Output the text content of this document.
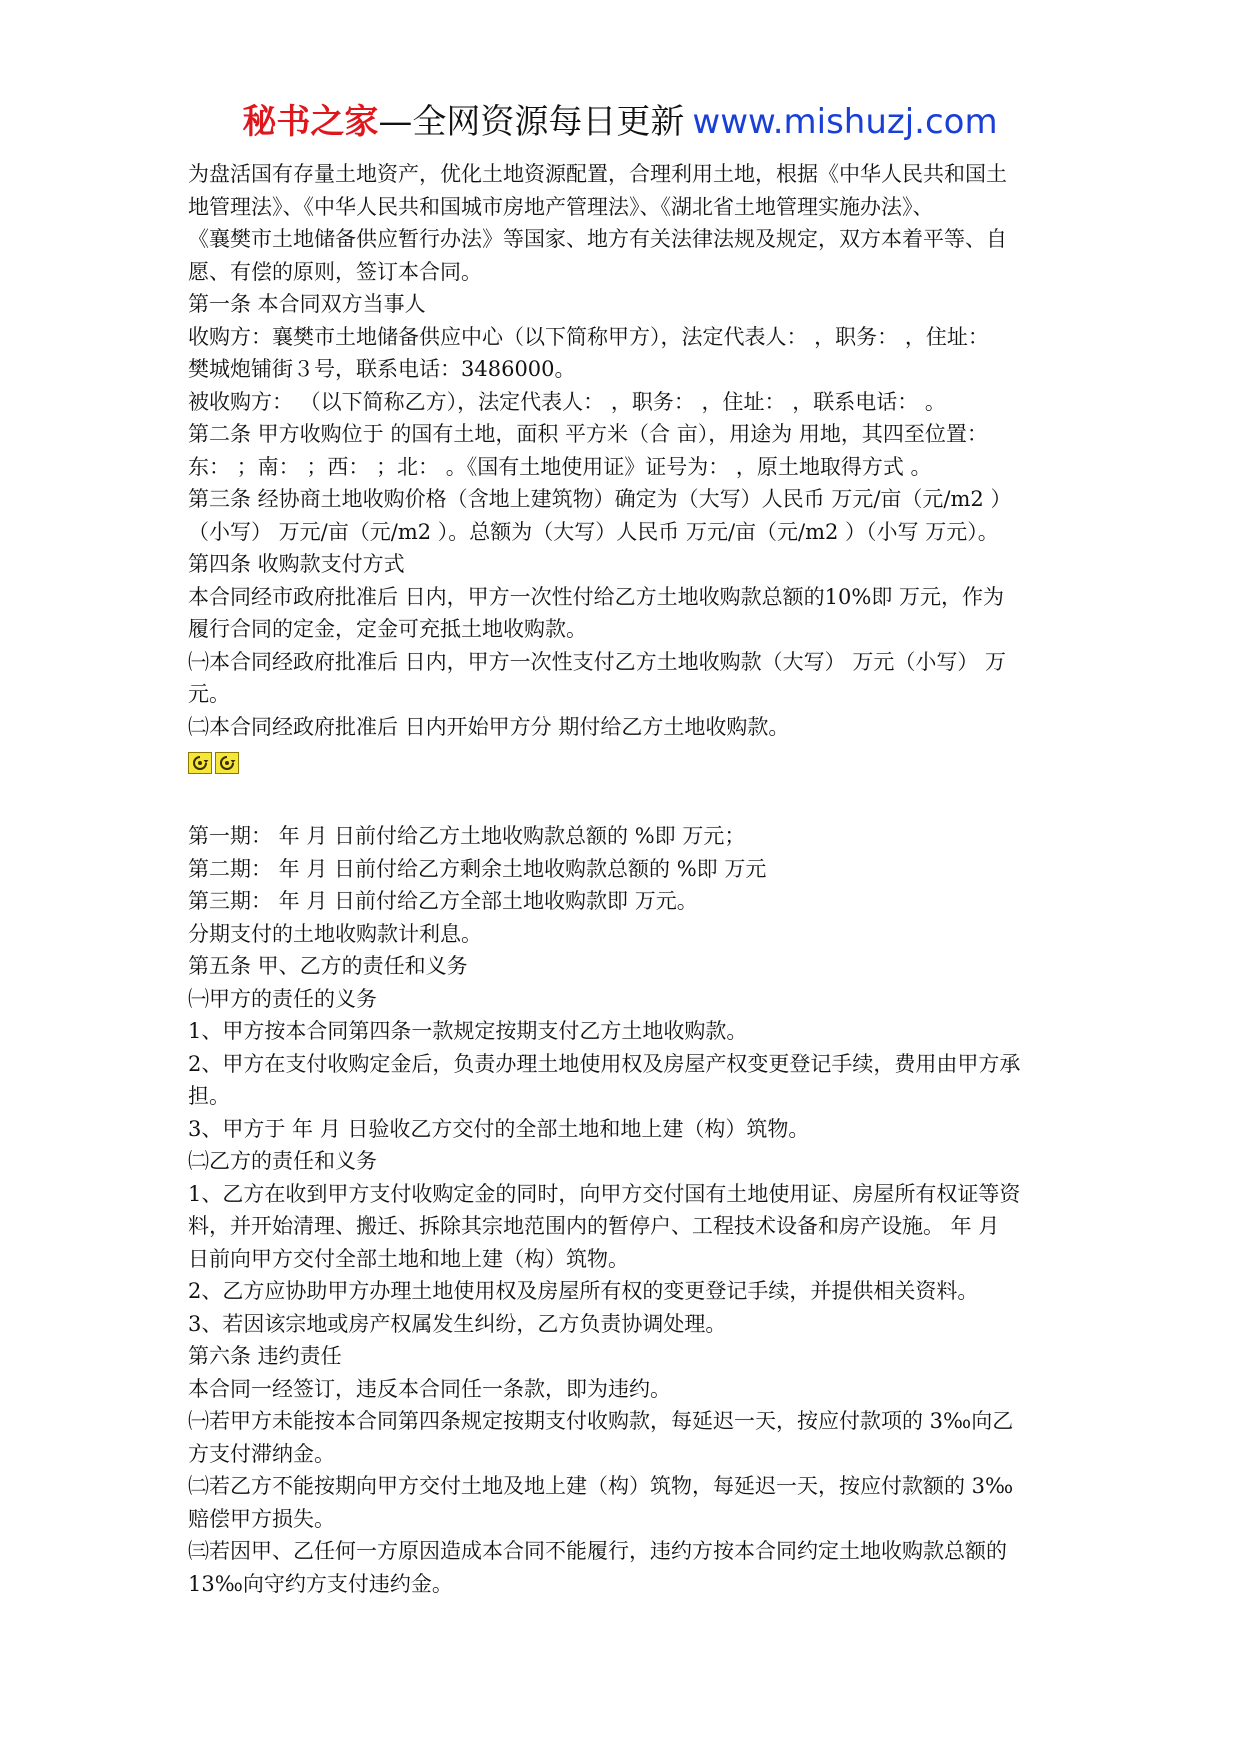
秘书之家—全网资源每日更新 www.mishuzj.com
为盘活国有存量土地资产，优化土地资源配置，合理利用土地，根据《中华人民共和国土
地管理法》、《中华人民共和国城市房地产管理法》、《湖北省土地管理实施办法》、
《襄樊市土地储备供应暂行办法》等国家、地方有关法律法规及规定，双方本着平等、自
愿、有偿的原则，签订本合同。
第一条 本合同双方当事人
收购方：襄樊市土地储备供应中心（以下简称甲方），法定代表人： ，职务： ，住址：
樊城炮铺街３号，联系电话：3486000。
被收购方： （以下简称乙方），法定代表人： ，职务： ，住址： ，联系电话： 。
第二条 甲方收购位于 的国有土地，面积 平方米（合 亩），用途为 用地，其四至位置：
东： ；南： ；西： ；北： 。《国有土地使用证》证号为： ，原土地取得方式 。
第三条 经协商土地收购价格（含地上建筑物）确定为（大写）人民币 万元/亩（元/m2 ）
（小写） 万元/亩（元/m2 ）。总额为（大写）人民币 万元/亩（元/m2 ）（小写 万元）。
第四条 收购款支付方式
本合同经市政府批准后 日内，甲方一次性付给乙方土地收购款总额的10%即 万元，作为
履行合同的定金，定金可充抵土地收购款。
㈠本合同经政府批准后 日内，甲方一次性支付乙方土地收购款（大写） 万元（小写） 万
元。
㈡本合同经政府批准后 日内开始甲方分 期付给乙方土地收购款。
第一期： 年 月 日前付给乙方土地收购款总额的 %即 万元；
第二期： 年 月 日前付给乙方剩余土地收购款总额的 %即 万元
第三期： 年 月 日前付给乙方全部土地收购款即 万元。
分期支付的土地收购款计利息。
第五条 甲、乙方的责任和义务
㈠甲方的责任的义务
1、甲方按本合同第四条一款规定按期支付乙方土地收购款。
2、甲方在支付收购定金后，负责办理土地使用权及房屋产权变更登记手续，费用由甲方承
担。
3、甲方于 年 月 日验收乙方交付的全部土地和地上建（构）筑物。
㈡乙方的责任和义务
1、乙方在收到甲方支付收购定金的同时，向甲方交付国有土地使用证、房屋所有权证等资
料，并开始清理、搬迁、拆除其宗地范围内的暂停户、工程技术设备和房产设施。 年 月
日前向甲方交付全部土地和地上建（构）筑物。
2、乙方应协助甲方办理土地使用权及房屋所有权的变更登记手续，并提供相关资料。
3、若因该宗地或房产权属发生纠纷，乙方负责协调处理。
第六条 违约责任
本合同一经签订，违反本合同任一条款，即为违约。
㈠若甲方未能按本合同第四条规定按期支付收购款，每延迟一天，按应付款项的 3‰向乙
方支付滞纳金。
㈡若乙方不能按期向甲方交付土地及地上建（构）筑物，每延迟一天，按应付款额的 3‰
赔偿甲方损失。
㈢若因甲、乙任何一方原因造成本合同不能履行，违约方按本合同约定土地收购款总额的
13‰向守约方支付违约金。
